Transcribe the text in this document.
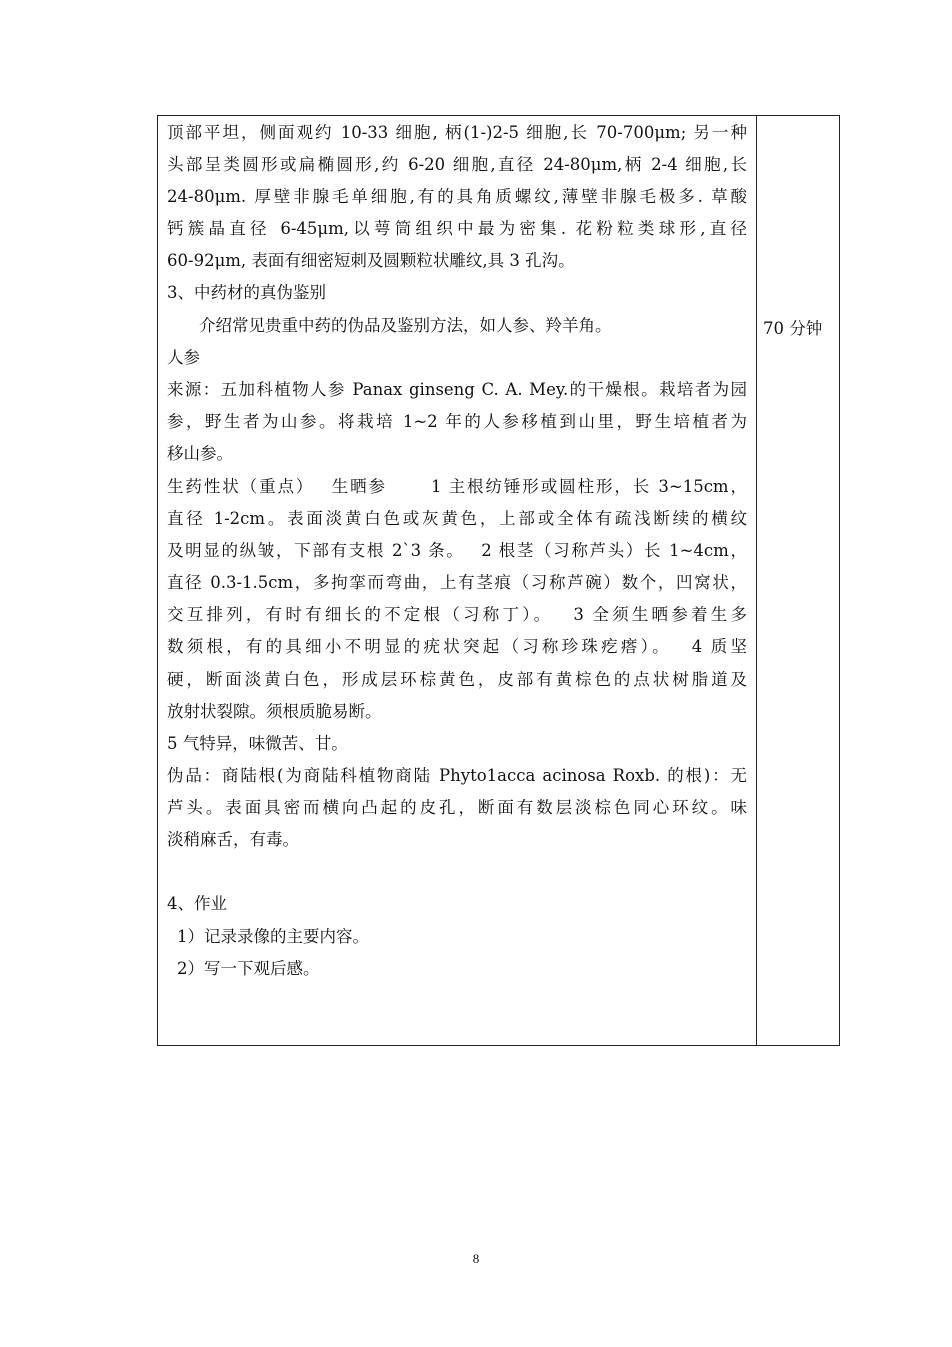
顶部平坦，侧面观约 10-33 细胞, 柄(1-)2-5 细胞,长 70-700μm; 另一种
头部呈类圆形或扁椭圆形,约 6-20 细胞,直径 24-80μm,柄 2-4 细胞,长
24-80μm. 厚壁非腺毛单细胞,有的具角质螺纹,薄壁非腺毛极多. 草酸
钙簇晶直径 6-45μm,以萼筒组织中最为密集. 花粉粒类球形,直径
60-92μm, 表面有细密短刺及圆颗粒状雕纹,具 3 孔沟。
3、中药材的真伪鉴别
介绍常见贵重中药的伪品及鉴别方法，如人参、羚羊角。
人参
来源：五加科植物人参 Panax ginseng C. A. Mey.的干燥根。栽培者为园
参，野生者为山参。将栽培 1~2 年的人参移植到山里，野生培植者为
移山参。
生药性状（重点）　 生晒参　　 1 主根纺锤形或圆柱形，长 3~15cm，
直径 1-2cm。表面淡黄白色或灰黄色，上部或全体有疏浅断续的横纹
及明显的纵皱，下部有支根 2`3 条。　 2 根茎（习称芦头）长 1~4cm，
直径 0.3-1.5cm，多拘挛而弯曲，上有茎痕（习称芦碗）数个，凹窝状，
交互排列，有时有细长的不定根（习称丁）。　 3 全须生晒参着生多
数须根，有的具细小不明显的疣状突起（习称珍珠疙瘩）。　 4 质坚
硬，断面淡黄白色，形成层环棕黄色，皮部有黄棕色的点状树脂道及
放射状裂隙。须根质脆易断。
5 气特异，味微苦、甘。
伪品：商陆根(为商陆科植物商陆 Phyto1acca acinosa Roxb. 的根)：无
芦头。表面具密而横向凸起的皮孔，断面有数层淡棕色同心环纹。味
淡稍麻舌，有毒。
4、作业
1）记录录像的主要内容。
2）写一下观后感。

70 分钟
8
